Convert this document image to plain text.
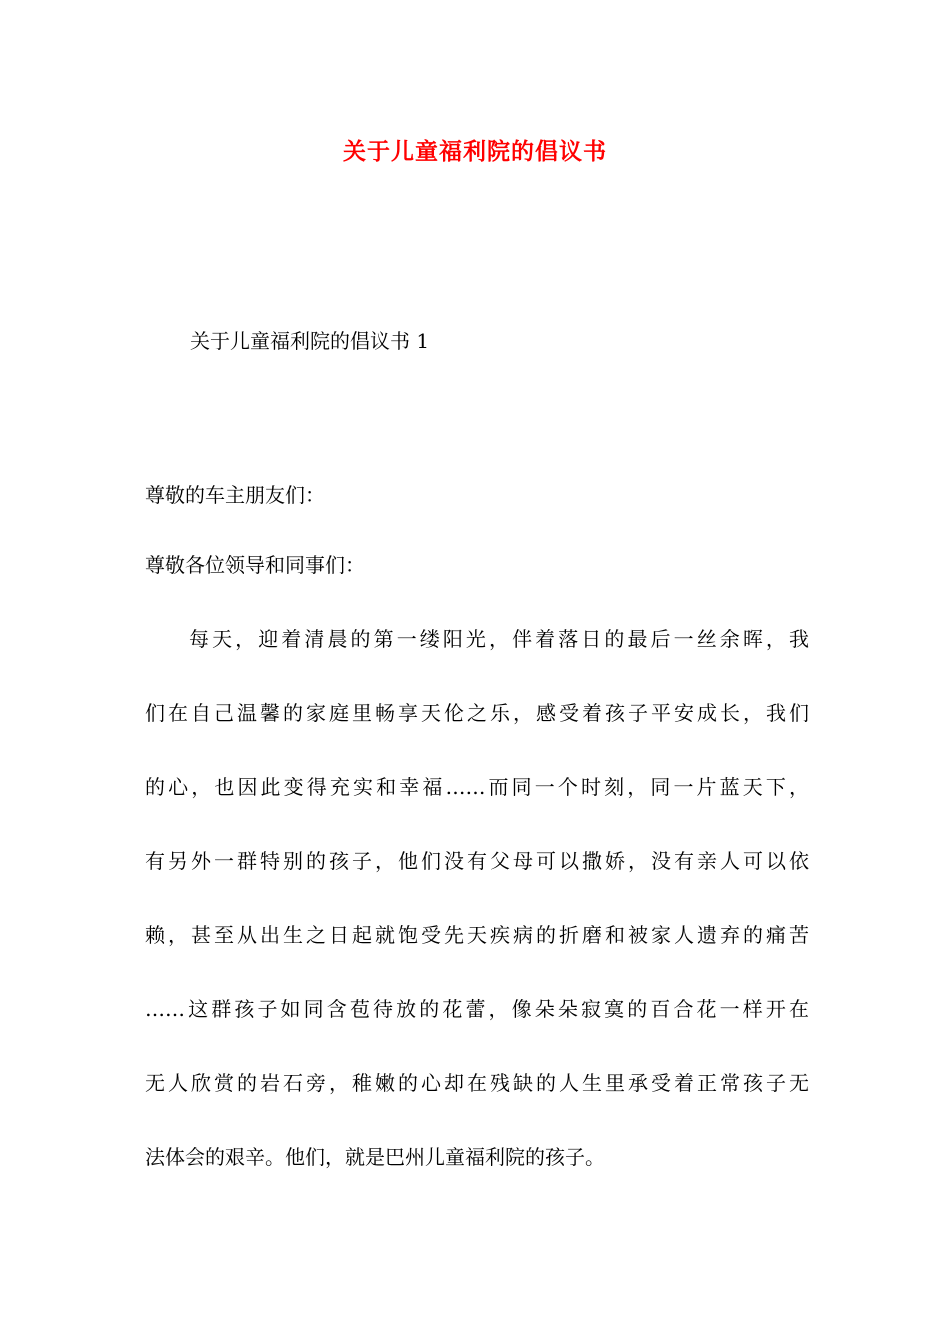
关于儿童福利院的倡议书
关于儿童福利院的倡议书 1
尊敬的车主朋友们：
尊敬各位领导和同事们：
每天，迎着清晨的第一缕阳光，伴着落日的最后一丝余晖，我
们在自己温馨的家庭里畅享天伦之乐，感受着孩子平安成长，我们
的心，也因此变得充实和幸福……而同一个时刻，同一片蓝天下，
有另外一群特别的孩子，他们没有父母可以撒娇，没有亲人可以依
赖，甚至从出生之日起就饱受先天疾病的折磨和被家人遗弃的痛苦
……这群孩子如同含苞待放的花蕾，像朵朵寂寞的百合花一样开在
无人欣赏的岩石旁，稚嫩的心却在残缺的人生里承受着正常孩子无
法体会的艰辛。他们，就是巴州儿童福利院的孩子。
